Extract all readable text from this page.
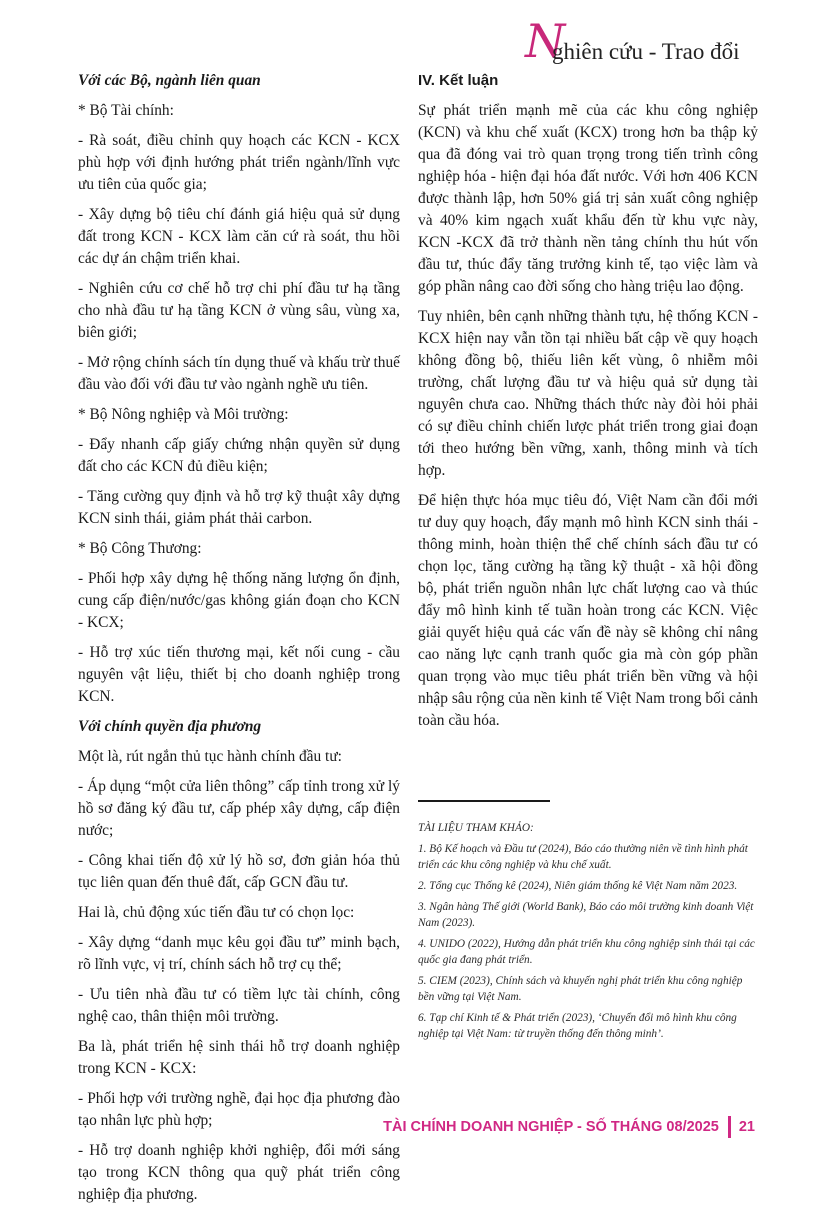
N
ghiên cứu - Trao đổi

Với các Bộ, ngành liên quan

* Bộ Tài chính:

- Rà soát, điều chỉnh quy hoạch các KCN - KCX phù hợp với định hướng phát triển ngành/lĩnh vực ưu tiên của quốc gia;

- Xây dựng bộ tiêu chí đánh giá hiệu quả sử dụng đất trong KCN - KCX làm căn cứ rà soát, thu hồi các dự án chậm triển khai.

- Nghiên cứu cơ chế hỗ trợ chi phí đầu tư hạ tầng cho nhà đầu tư hạ tầng KCN ở vùng sâu, vùng xa, biên giới;

- Mở rộng chính sách tín dụng thuế và khấu trừ thuế đầu vào đối với đầu tư vào ngành nghề ưu tiên.

* Bộ Nông nghiệp và Môi trường:

- Đẩy nhanh cấp giấy chứng nhận quyền sử dụng đất cho các KCN đủ điều kiện;

- Tăng cường quy định và hỗ trợ kỹ thuật xây dựng KCN sinh thái, giảm phát thải carbon.

* Bộ Công Thương:

- Phối hợp xây dựng hệ thống năng lượng ổn định, cung cấp điện/nước/gas không gián đoạn cho KCN - KCX;

- Hỗ trợ xúc tiến thương mại, kết nối cung - cầu nguyên vật liệu, thiết bị cho doanh nghiệp trong KCN.

Với chính quyền địa phương

Một là, rút ngắn thủ tục hành chính đầu tư:

- Áp dụng “một cửa liên thông” cấp tỉnh trong xử lý hồ sơ đăng ký đầu tư, cấp phép xây dựng, cấp điện nước;

- Công khai tiến độ xử lý hồ sơ, đơn giản hóa thủ tục liên quan đến thuê đất, cấp GCN đầu tư.

Hai là, chủ động xúc tiến đầu tư có chọn lọc:

- Xây dựng “danh mục kêu gọi đầu tư” minh bạch, rõ lĩnh vực, vị trí, chính sách hỗ trợ cụ thể;

- Ưu tiên nhà đầu tư có tiềm lực tài chính, công nghệ cao, thân thiện môi trường.

Ba là, phát triển hệ sinh thái hỗ trợ doanh nghiệp trong KCN - KCX:

- Phối hợp với trường nghề, đại học địa phương đào tạo nhân lực phù hợp;

- Hỗ trợ doanh nghiệp khởi nghiệp, đổi mới sáng tạo trong KCN thông qua quỹ phát triển công nghiệp địa phương.

IV. Kết luận

Sự phát triển mạnh mẽ của các khu công nghiệp (KCN) và khu chế xuất (KCX) trong hơn ba thập kỷ qua đã đóng vai trò quan trọng trong tiến trình công nghiệp hóa - hiện đại hóa đất nước. Với hơn 406 KCN được thành lập, hơn 50% giá trị sản xuất công nghiệp và 40% kim ngạch xuất khẩu đến từ khu vực này, KCN -KCX đã trở thành nền tảng chính thu hút vốn đầu tư, thúc đẩy tăng trưởng kinh tế, tạo việc làm và góp phần nâng cao đời sống cho hàng triệu lao động.

Tuy nhiên, bên cạnh những thành tựu, hệ thống KCN - KCX hiện nay vẫn tồn tại nhiều bất cập về quy hoạch không đồng bộ, thiếu liên kết vùng, ô nhiễm môi trường, chất lượng đầu tư và hiệu quả sử dụng tài nguyên chưa cao. Những thách thức này đòi hỏi phải có sự điều chỉnh chiến lược phát triển trong giai đoạn tới theo hướng bền vững, xanh, thông minh và tích hợp.

Để hiện thực hóa mục tiêu đó, Việt Nam cần đổi mới tư duy quy hoạch, đẩy mạnh mô hình KCN sinh thái - thông minh, hoàn thiện thể chế chính sách đầu tư có chọn lọc, tăng cường hạ tầng kỹ thuật - xã hội đồng bộ, phát triển nguồn nhân lực chất lượng cao và thúc đẩy mô hình kinh tế tuần hoàn trong các KCN. Việc giải quyết hiệu quả các vấn đề này sẽ không chỉ nâng cao năng lực cạnh tranh quốc gia mà còn góp phần quan trọng vào mục tiêu phát triển bền vững và hội nhập sâu rộng của nền kinh tế Việt Nam trong bối cảnh toàn cầu hóa.

TÀI LIỆU THAM KHẢO:

1. Bộ Kế hoạch và Đầu tư (2024), Báo cáo thường niên về tình hình phát triển các khu công nghiệp và khu chế xuất.

2. Tổng cục Thống kê (2024), Niên giám thống kê Việt Nam năm 2023.

3. Ngân hàng Thế giới (World Bank), Báo cáo môi trường kinh doanh Việt Nam (2023).

4. UNIDO (2022), Hướng dẫn phát triển khu công nghiệp sinh thái tại các quốc gia đang phát triển.

5. CIEM (2023), Chính sách và khuyến nghị phát triển khu công nghiệp bền vững tại Việt Nam.

6. Tạp chí Kinh tế & Phát triển (2023), ‘Chuyển đổi mô hình khu công nghiệp tại Việt Nam: từ truyền thống đến thông minh’.

TÀI CHÍNH DOANH NGHIỆP - SỐ THÁNG 08/2025 21
